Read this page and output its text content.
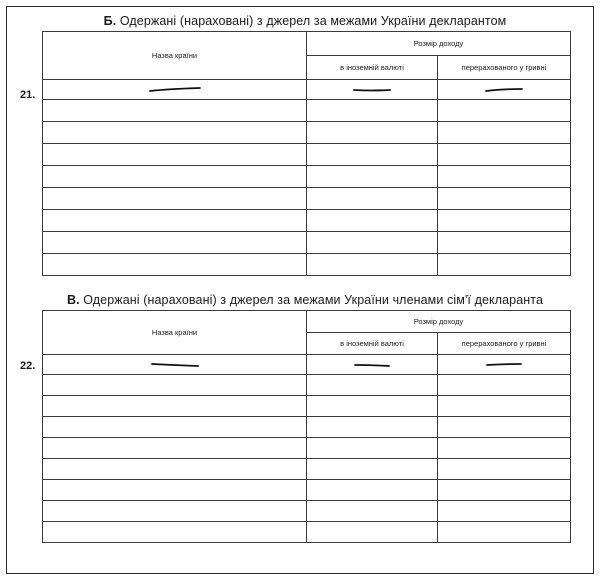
Б. Одержані (нараховані) з джерел за межами України декларантом
21.
Назва країни	Розмір доходу	
	в іноземній валюті	перерахованого у гривні

В. Одержані (нараховані) з джерел за межами України членами сім'ї декларанта
22.
Назва країни	Розмір доходу	
	в іноземній валюті	перерахованого у гривні
